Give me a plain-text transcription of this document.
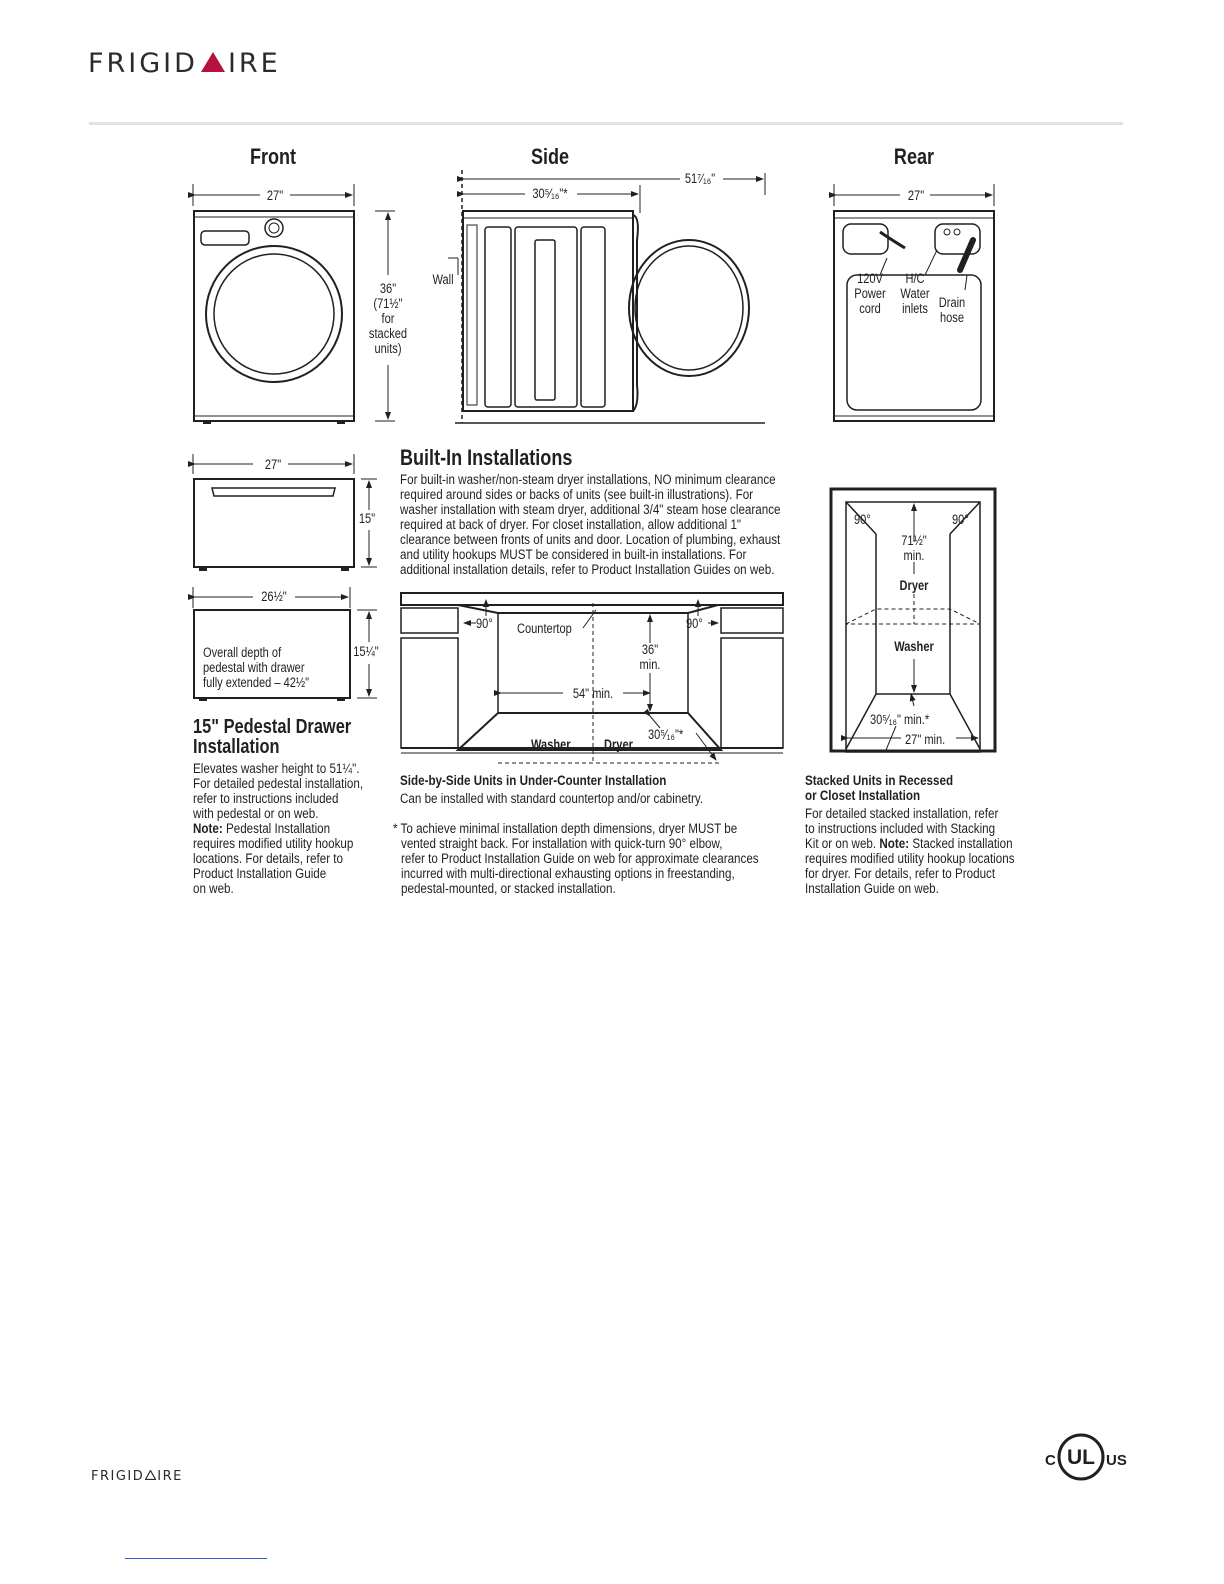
FRIGID IRE
Front	Side	Rear
27"
36"
(71½"
for
stacked
units)
51⁷⁄₁₆"
30⁵⁄₁₆"*
Wall
27"
120V
Power
cord
H/C
Water
inlets Drain
hose
27"
15"
26½"
15¼"
Overall depth of
pedestal with drawer
fully extended – 42½"
15" Pedestal Drawer
Installation
Elevates washer height to 51¼".
For detailed pedestal installation,
refer to instructions included
with pedestal or on web.
Note: Pedestal Installation
requires modified utility hookup
locations. For details, refer to
Product Installation Guide
on web.
Built-In Installations
For built-in washer/non-steam dryer installations, NO minimum clearance
required around sides or backs of units (see built-in illustrations). For
washer installation with steam dryer, additional 3/4" steam hose clearance
required at back of dryer. For closet installation, allow additional 1"
clearance between fronts of units and door. Location of plumbing, exhaust
and utility hookups MUST be considered in built-in installations. For
additional installation details, refer to Product Installation Guides on web.
90°	90°
Countertop
36"
min.
54" min.
30⁵⁄₁₆"*
Washer Dryer
Side-by-Side Units in Under-Counter Installation
Can be installed with standard countertop and/or cabinetry.
* To achieve minimal installation depth dimensions, dryer MUST be
vented straight back. For installation with quick-turn 90° elbow,
refer to Product Installation Guide on web for approximate clearances
incurred with multi-directional exhausting options in freestanding,
pedestal-mounted, or stacked installation.
90°	90°
71½"
min.
Dryer
Washer
30⁵⁄₁₆" min.*
27" min.
Stacked Units in Recessed
or Closet Installation
For detailed stacked installation, refer
to instructions included with Stacking
Kit or on web. Note: Stacked installation
requires modified utility hookup locations
for dryer. For details, refer to Product
Installation Guide on web.
FRIGID IRE
C UL US
